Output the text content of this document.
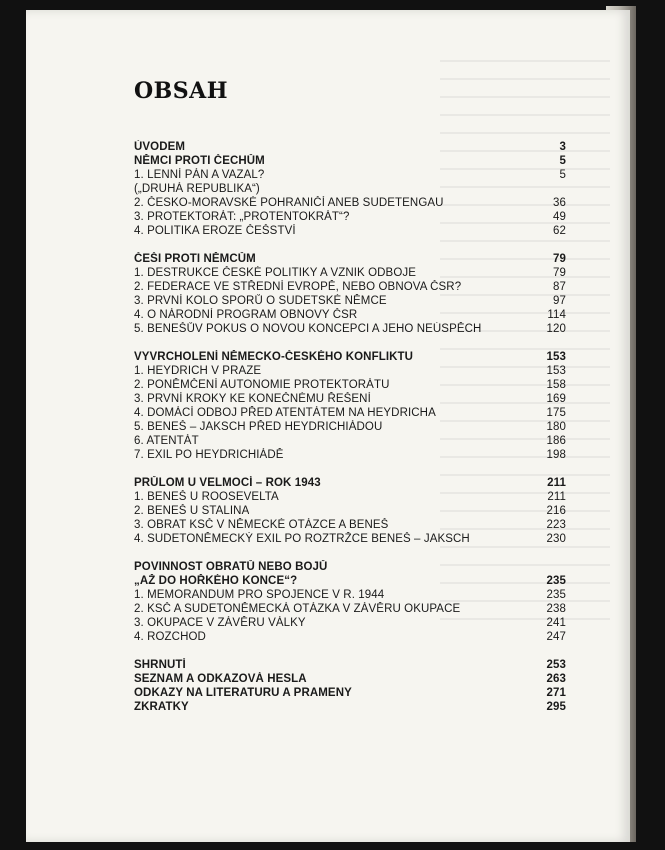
OBSAH
ÚVODEM	3
NĚMCI PROTI ČECHŮM	5
1. LENNÍ PÁN A VAZAL?	5
(„DRUHÁ REPUBLIKA“)
2. ČESKO-MORAVSKÉ POHRANIČÍ ANEB SUDETENGAU	36
3. PROTEKTORÁT: „PROTENTOKRÁT“?	49
4. POLITIKA EROZE ČEŠSTVÍ	62
ČEŠI PROTI NĚMCŮM	79
1. DESTRUKCE ČESKÉ POLITIKY A VZNIK ODBOJE	79
2. FEDERACE VE STŘEDNÍ EVROPĚ, NEBO OBNOVA ČSR?	87
3. PRVNÍ KOLO SPORŮ O SUDETSKÉ NĚMCE	97
4. O NÁRODNÍ PROGRAM OBNOVY ČSR	114
5. BENEŠŮV POKUS O NOVOU KONCEPCI A JEHO NEÚSPĚCH	120
VYVRCHOLENÍ NĚMECKO-ČESKÉHO KONFLIKTU	153
1. HEYDRICH V PRAZE	153
2. PONĚMČENÍ AUTONOMIE PROTEKTORÁTU	158
3. PRVNÍ KROKY KE KONEČNÉMU ŘEŠENÍ	169
4. DOMÁCÍ ODBOJ PŘED ATENTÁTEM NA HEYDRICHA	175
5. BENEŠ – JAKSCH PŘED HEYDRICHIÁDOU	180
6. ATENTÁT	186
7. EXIL PO HEYDRICHIÁDĚ	198
PRŮLOM U VELMOCÍ – ROK 1943	211
1. BENEŠ U ROOSEVELTA	211
2. BENEŠ U STALINA	216
3. OBRAT KSČ V NĚMECKÉ OTÁZCE A BENEŠ	223
4. SUDETONĚMECKÝ EXIL PO ROZTRŽCE BENEŠ – JAKSCH	230
POVINNOST OBRATŮ NEBO BOJŮ
„AŽ DO HOŘKÉHO KONCE“?	235
1. MEMORANDUM PRO SPOJENCE V R. 1944	235
2. KSČ A SUDETONĚMECKÁ OTÁZKA V ZÁVĚRU OKUPACE	238
3. OKUPACE V ZÁVĚRU VÁLKY	241
4. ROZCHOD	247
SHRNUTÍ	253
SEZNAM A ODKAZOVÁ HESLA	263
ODKAZY NA LITERATURU A PRAMENY	271
ZKRATKY	295
